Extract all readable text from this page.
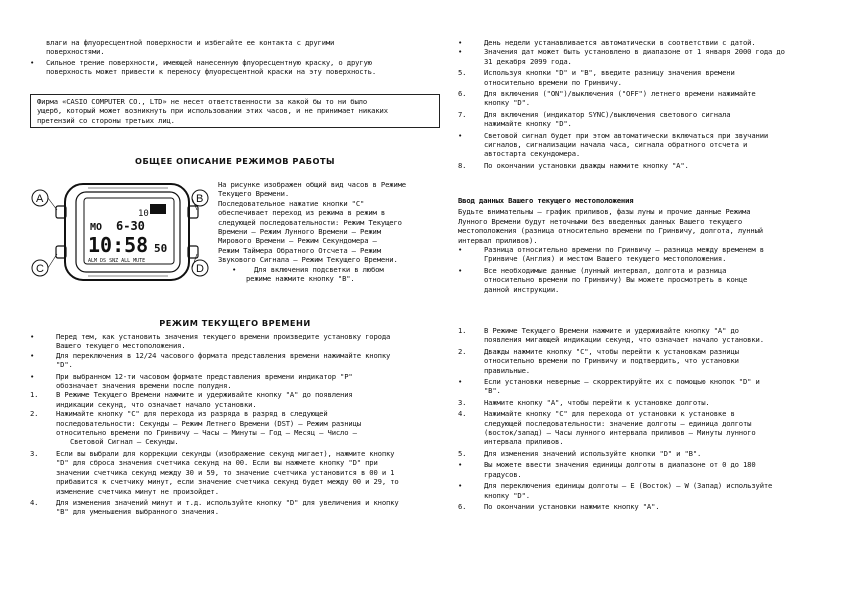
влаги на флуоресцентной поверхности и избегайте ее контакта с другими
поверхностями.
• Сильное трение поверхности, имеющей нанесенную флуоресцентную краску, о другую
поверхность может привести к переносу флуоресцентной краски на эту поверхность.
Фирма «CASIO COMPUTER CO., LTD» не несет ответственности за какой бы то ни было
ущерб, который может возникнуть при использовании этих часов, и не принимает никаких
претензий со стороны третьих лиц.
ОБЩЕЕ ОПИСАНИЕ РЕЖИМОВ РАБОТЫ
A	B
C	D
10
MO 6-30
10:58 50
ALM DS SNZ ALL MUTE
На рисунке изображен общий вид часов в Режиме
Текущего Времени.
Последовательное нажатие кнопки "C"
обеспечивает переход из режима в режим в
следующей последовательности: Режим Текущего
Времени – Режим Лунного Времени – Режим
Мирового Времени – Режим Секундомера –
Режим Таймера Обратного Отсчета – Режим
Звукового Сигнала – Режим Текущего Времени.
• Для включения подсветки в любом
режиме нажмите кнопку "B".
РЕЖИМ ТЕКУЩЕГО ВРЕМЕНИ
•	Перед тем, как установить значения текущего времени произведите установку города
Вашего текущего местоположения.
•	Для переключения в 12/24 часового формата представления времени нажимайте кнопку
"D".
•	При выбранном 12-ти часовом формате представления времени индикатор "P"
обозначает значения времени после полудня.
1. В Режиме Текущего Времени нажмите и удерживайте кнопку "A" до появления
индикации секунд, что означает начало установки.
2. Нажимайте кнопку "C" для перехода из разряда в разряд в следующей
последовательности: Секунды – Режим Летнего Времени (DST) – Режим разницы
относительно времени по Гринвичу – Часы – Минуты – Год – Месяц – Число –
Световой Сигнал – Секунды.
3. Если вы выбрали для коррекции секунды (изображение секунд мигает), нажмите кнопку
"D" для сброса значения счетчика секунд на 00. Если вы нажмете кнопку "D" при
значении счетчика секунд между 30 и 59, то значение счетчика установится в 00 и 1
прибавится к счетчику минут, если значение счетчика секунд будет между 00 и 29, то
изменение счетчика минут не произойдет.
4. Для изменения значений минут и т.д. используйте кнопку "D" для увеличения и кнопку
"B" для уменьшения выбранного значения.
•	День недели устанавливается автоматически в соответствии с датой.
•	Значения дат может быть установлено в диапазоне от 1 января 2000 года до
31 декабря 2099 года.
5. Используя кнопки "D" и "B", введите разницу значения времени
относительно времени по Гринвичу.
6. Для включения ("ON")/выключения ("OFF") летнего времени нажимайте
кнопку "D".
7. Для включения (индикатор SYNC)/выключения светового сигнала
нажимайте кнопку "D".
•	Световой сигнал будет при этом автоматически включаться при звучании
сигналов, сигнализации начала часа, сигнала обратного отсчета и
автостарта секундомера.
8. По окончании установки дважды нажмите кнопку "A".
Ввод данных Вашего текущего местоположения
Будьте внимательны – график приливов, фазы луны и прочие данные Режима
Лунного Времени будут неточными без введенных данных Вашего текущего
местоположения (разница относительно времени по Гринвичу, долгота, лунный
интервал приливов).
•	Разница относительно времени по Гринвичу – разница между временем в
Гринвиче (Англия) и местом Вашего текущего местоположения.
•	Все необходимые данные (лунный интервал, долгота и разница
относительно времени по Гринвичу) Вы можете просмотреть в конце
данной инструкции.
1. В Режиме Текущего Времени нажмите и удерживайте кнопку "A" до
появления мигающей индикации секунд, что означает начало установки.
2. Дважды нажмите кнопку "C", чтобы перейти к установкам разницы
относительно времени по Гринвичу и подтвердить, что установки
правильные.
•	Если установки неверные – скорректируйте их с помощью кнопок "D" и
"B".
3. Нажмите кнопку "A", чтобы перейти к установке долготы.
4. Нажимайте кнопку "C" для перехода от установки к установке в
следующей последовательности: значение долготы – единица долготы
(восток/запад) – Часы лунного интервала приливов – Минуты лунного
интервала приливов.
5. Для изменения значений используйте кнопки "D" и "B".
•	Вы можете ввести значения единицы долготы в диапазоне от 0 до 180
градусов.
•	Для переключения единицы долготы – E (Восток) – W (Запад) используйте
кнопку "D".
6. По окончании установки нажмите кнопку "A".
